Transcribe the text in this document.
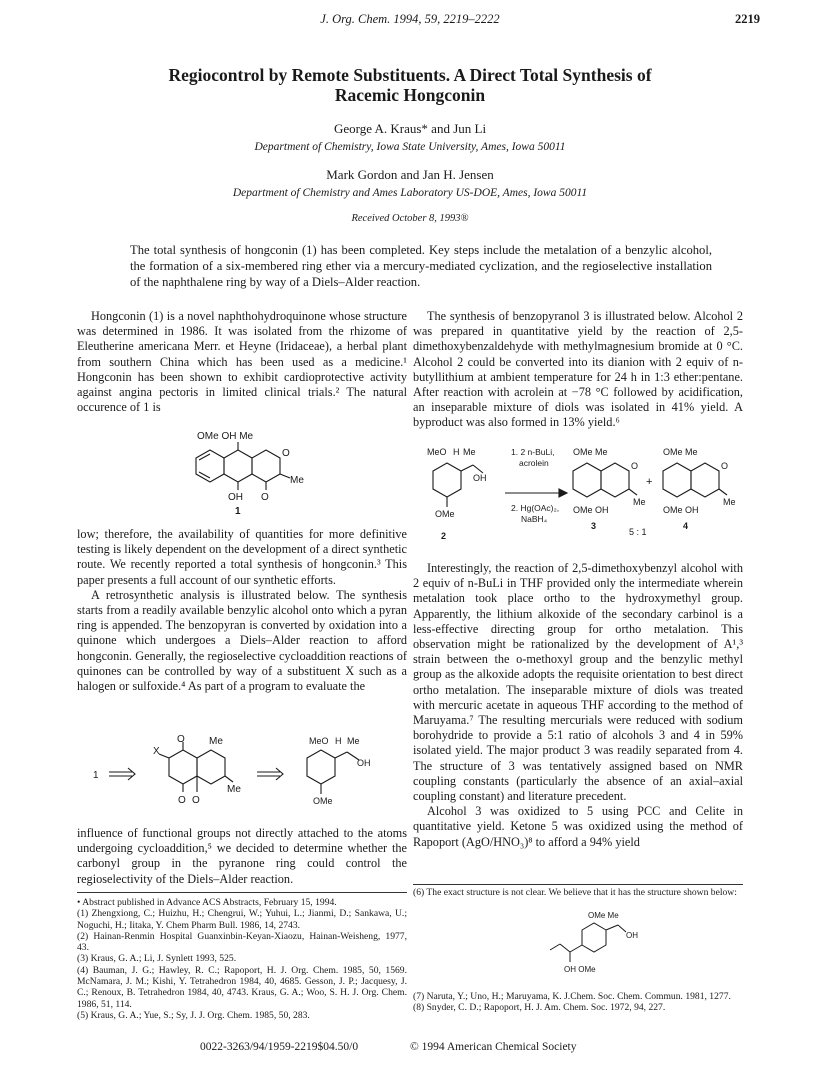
J. Org. Chem. 1994, 59, 2219–2222	2219
Regiocontrol by Remote Substituents. A Direct Total Synthesis of
Racemic Hongconin
George A. Kraus* and Jun Li
Department of Chemistry, Iowa State University, Ames, Iowa 50011
Mark Gordon and Jan H. Jensen
Department of Chemistry and Ames Laboratory US-DOE, Ames, Iowa 50011
Received October 8, 1993®
The total synthesis of hongconin (1) has been completed. Key steps include the metalation of a benzylic alcohol, the formation of a six-membered ring ether via a mercury-mediated cyclization, and the regioselective installation of the naphthalene ring by way of a Diels–Alder reaction.

Hongconin (1) is a novel naphthohydroquinone whose structure was determined in 1986. It was isolated from the rhizome of Eleutherine americana Merr. et Heyne (Iridaceae), a herbal plant from southern China which has been used as a medicine.¹ Hongconin has been shown to exhibit cardioprotective activity against angina pectoris in limited clinical trials.² The natural occurence of 1 is

OMe OH Me
O
Me
OH O
1

low; therefore, the availability of quantities for more definitive testing is likely dependent on the development of a direct synthetic route. We recently reported a total synthesis of hongconin.³ This paper presents a full account of our synthetic efforts.

A retrosynthetic analysis is illustrated below. The synthesis starts from a readily available benzylic alcohol onto which a pyran ring is appended. The benzopyran is converted by oxidation into a quinone which undergoes a Diels–Alder reaction to afford hongconin. Generally, the regioselective cycloaddition reactions of quinones can be controlled by way of a substituent X such as a halogen or sulfoxide.⁴ As part of a program to evaluate the

1
X
O Me
Me
O O
MeO H Me
OH
OMe

influence of functional groups not directly attached to the atoms undergoing cycloaddition,⁵ we decided to determine whether the carbonyl group in the pyranone ring could control the regioselectivity of the Diels–Alder reaction.

• Abstract published in Advance ACS Abstracts, February 15, 1994.

(1) Zhengxiong, C.; Huizhu, H.; Chengrui, W.; Yuhui, L.; Jianmi, D.; Sankawa, U.; Noguchi, H.; Iitaka, Y. Chem Pharm Bull. 1986, 14, 2743.

(2) Hainan-Renmin Hospital Guanxinbin-Keyan-Xiaozu, Hainan-Weisheng, 1977, 43.

(3) Kraus, G. A.; Li, J. Synlett 1993, 525.

(4) Bauman, J. G.; Hawley, R. C.; Rapoport, H. J. Org. Chem. 1985, 50, 1569. McNamara, J. M.; Kishi, Y. Tetrahedron 1984, 40, 4685. Gesson, J. P.; Jacquesy, J. C.; Renoux, B. Tetrahedron 1984, 40, 4743. Kraus, G. A.; Woo, S. H. J. Org. Chem. 1986, 51, 114.

(5) Kraus, G. A.; Yue, S.; Sy, J. J. Org. Chem. 1985, 50, 283.

The synthesis of benzopyranol 3 is illustrated below. Alcohol 2 was prepared in quantitative yield by the reaction of 2,5-dimethoxybenzaldehyde with methylmagnesium bromide at 0 °C. Alcohol 2 could be converted into its dianion with 2 equiv of n-butyllithium at ambient temperature for 24 h in 1:3 ether:pentane. After reaction with acrolein at −78 °C followed by acidification, an inseparable mixture of diols was isolated in 41% yield. A byproduct was also formed in 13% yield.⁶

MeO H Me
OH
OMe
2
1. 2 n-BuLi,
acrolein
2. Hg(OAc)₂,
NaBH₄
OMe Me
O
Me
OMe OH
3
+
OMe Me
O
Me
OMe OH
4
5 : 1

Interestingly, the reaction of 2,5-dimethoxybenzyl alcohol with 2 equiv of n-BuLi in THF provided only the intermediate wherein metalation took place ortho to the hydroxymethyl group. Apparently, the lithium alkoxide of the secondary carbinol is a less-effective directing group for ortho metalation. This observation might be rationalized by the development of A¹,³ strain between the o-methoxyl group and the benzylic methyl group as the alkoxide adopts the requisite orientation to best direct ortho metalation. The inseparable mixture of diols was treated with mercuric acetate in aqueous THF according to the method of Maruyama.⁷ The resulting mercurials were reduced with sodium borohydride to provide a 5:1 ratio of alcohols 3 and 4 in 59% isolated yield. The major product 3 was readily separated from 4. The structure of 3 was tentatively assigned based on NMR coupling constants (particularly the absence of an axial–axial coupling constant) and literature precedent.

Alcohol 3 was oxidized to 5 using PCC and Celite in quantitative yield. Ketone 5 was oxidized using the method of Rapoport (AgO/HNO₃)⁸ to afford a 94% yield

(6) The exact structure is not clear. We believe that it has the structure shown below:

OMe Me
OH
OH OMe

(7) Naruta, Y.; Uno, H.; Maruyama, K. J.Chem. Soc. Chem. Commun. 1981, 1277.

(8) Snyder, C. D.; Rapoport, H. J. Am. Chem. Soc. 1972, 94, 227.

0022-3263/94/1959-2219$04.50/0	© 1994 American Chemical Society
